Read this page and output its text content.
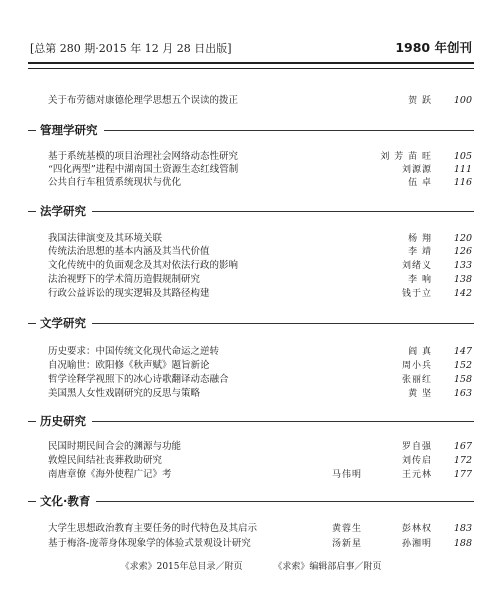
[总第 280 期·2015 年 12 月 28 日出版]	1980 年创刊
关于布劳德对康德伦理学思想五个误读的拨正	贺 跃	100
管理学研究
基于系统基模的项目治理社会网络动态性研究	刘 芳 苗 旺	105
“四化两型”进程中湖南国土资源生态红线管制	刘源源	111
公共自行车租赁系统现状与优化	伍 卓	116
法学研究
我国法律演变及其环境关联	杨 翔	120
传统法治思想的基本内涵及其当代价值	李 靖	126
文化传统中的负面观念及其对依法行政的影响	刘绪义	133
法治视野下的学术简历造假规制研究	李 响	138
行政公益诉讼的现实逻辑及其路径构建	钱于立	142
文学研究
历史要求：中国传统文化现代命运之逆转	阎 真	147
自况喻世：欧阳修《秋声赋》题旨新论	周小兵	152
哲学诠释学视照下的冰心诗歌翻译动态融合	张丽红	158
美国黑人女性戏剧研究的反思与策略	黄 坚	163
历史研究
民国时期民间合会的渊源与功能	罗自强	167
敦煌民间结社丧葬救助研究	刘传启	172
南唐章僚《海外使程广记》考	马伟明	王元林	177
文化·教育
大学生思想政治教育主要任务的时代特色及其启示	黄蓉生	彭林权	183
基于梅洛-庞蒂身体现象学的体验式景观设计研究	汤新星	孙湘明	188
《求索》2015年总目录／附页	《求索》编辑部启事／附页
